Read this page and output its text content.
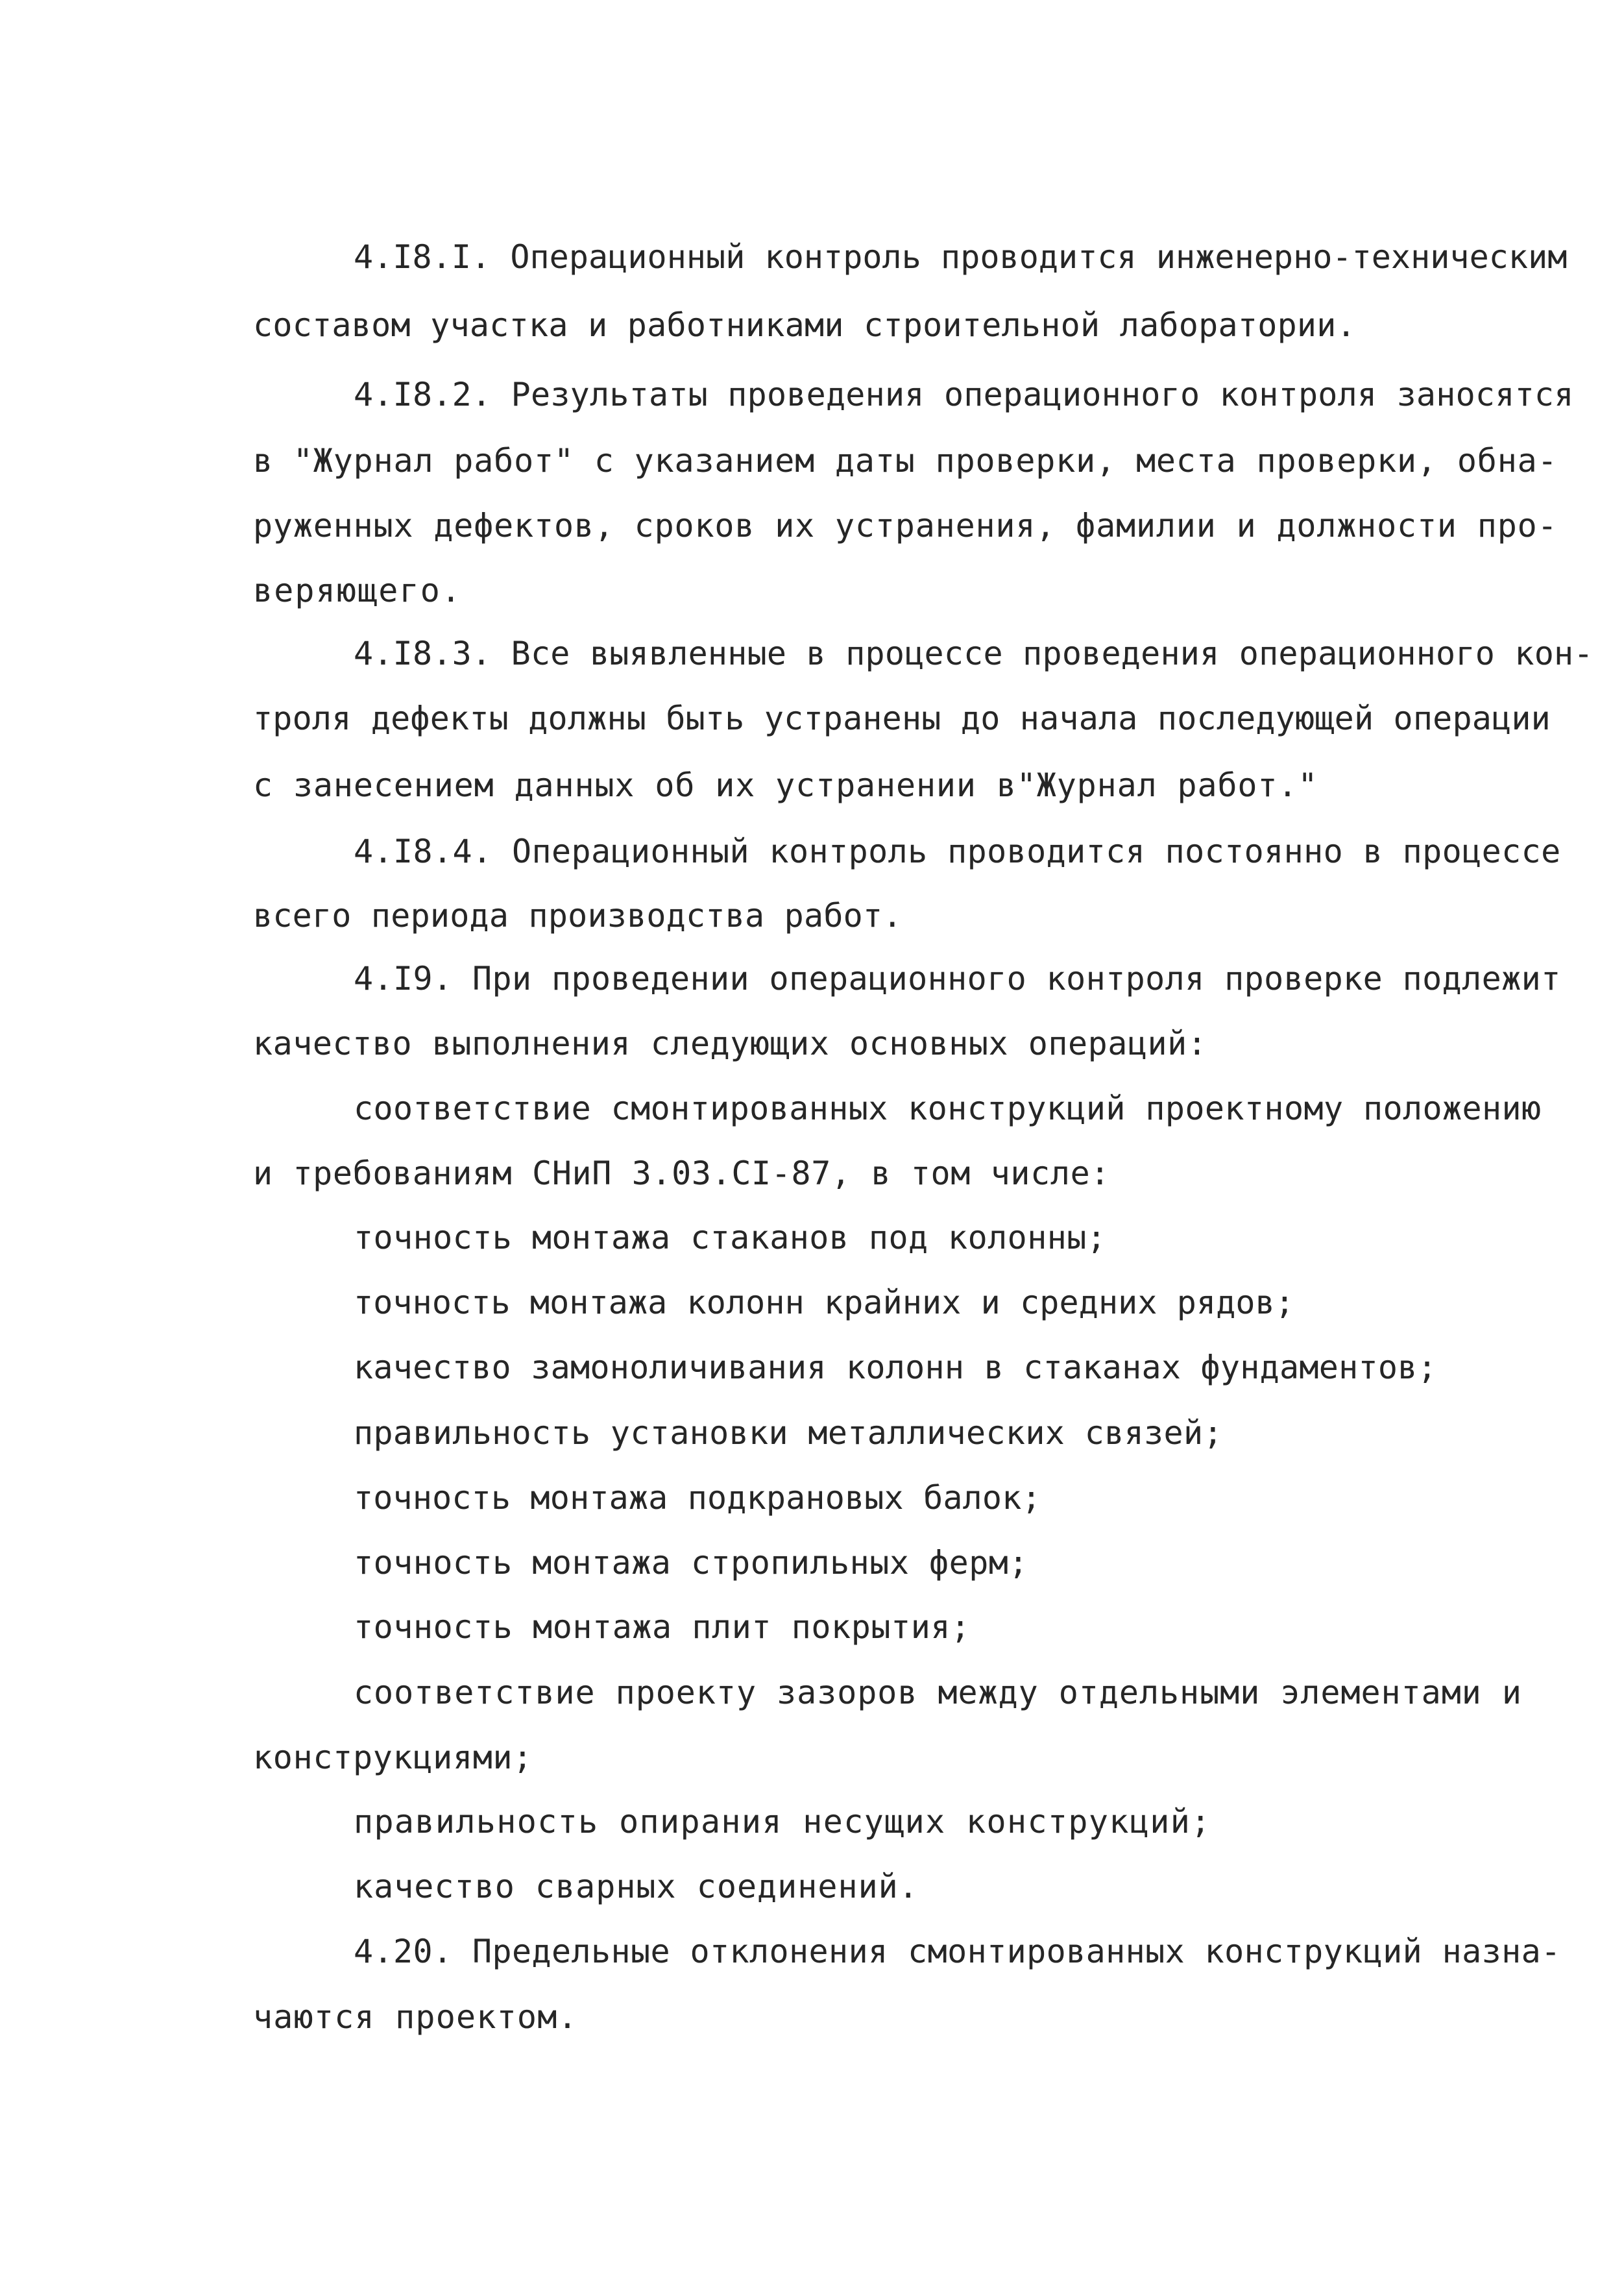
4.I8.I. Операционный контроль проводится инженерно-техническим
составом участка и работниками строительной лаборатории.
4.I8.2. Результаты проведения операционного контроля заносятся
в "Журнал работ" с указанием даты проверки, места проверки, обна-
руженных дефектов, сроков их устранения, фамилии и должности про-
веряющего.
4.I8.3. Все выявленные в процессе проведения операционного кон-
троля дефекты должны быть устранены до начала последующей операции
с занесением данных об их устранении в"Журнал работ."
4.I8.4. Операционный контроль проводится постоянно в процессе
всего периода производства работ.
4.I9. При проведении операционного контроля проверке подлежит
качество выполнения следующих основных операций:
соответствие смонтированных конструкций проектному положению
и требованиям СНиП 3.03.CI-87, в том числе:
точность монтажа стаканов под колонны;
точность монтажа колонн крайних и средних рядов;
качество замоноличивания колонн в стаканах фундаментов;
правильность установки металлических связей;
точность монтажа подкрановых балок;
точность монтажа стропильных ферм;
точность монтажа плит покрытия;
соответствие проекту зазоров между отдельными элементами и
конструкциями;
правильность опирания несущих конструкций;
качество сварных соединений.
4.20. Предельные отклонения смонтированных конструкций назна-
чаются проектом.
